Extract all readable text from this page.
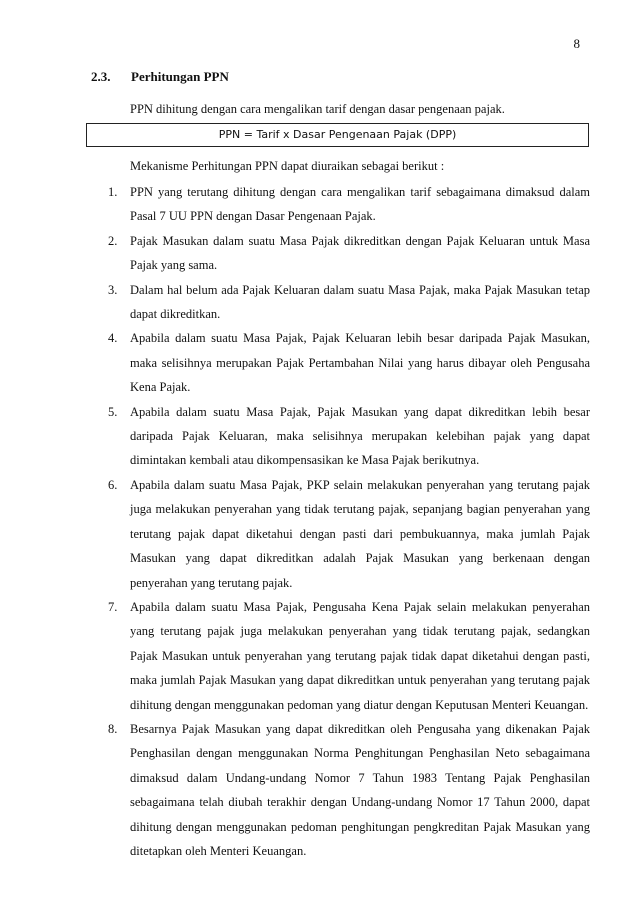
8
2.3. Perhitungan PPN
PPN dihitung dengan cara mengalikan tarif dengan dasar pengenaan pajak.
PPN = Tarif x Dasar Pengenaan Pajak (DPP)
Mekanisme Perhitungan PPN dapat diuraikan sebagai berikut :
1. PPN yang terutang dihitung dengan cara mengalikan tarif sebagaimana dimaksud dalam Pasal 7 UU PPN dengan Dasar Pengenaan Pajak.
2. Pajak Masukan dalam suatu Masa Pajak dikreditkan dengan Pajak Keluaran untuk Masa Pajak yang sama.
3. Dalam hal belum ada Pajak Keluaran dalam suatu Masa Pajak, maka Pajak Masukan tetap dapat dikreditkan.
4. Apabila dalam suatu Masa Pajak, Pajak Keluaran lebih besar daripada Pajak Masukan, maka selisihnya merupakan Pajak Pertambahan Nilai yang harus dibayar oleh Pengusaha Kena Pajak.
5. Apabila dalam suatu Masa Pajak, Pajak Masukan yang dapat dikreditkan lebih besar daripada Pajak Keluaran, maka selisihnya merupakan kelebihan pajak yang dapat dimintakan kembali atau dikompensasikan ke Masa Pajak berikutnya.
6. Apabila dalam suatu Masa Pajak, PKP selain melakukan penyerahan yang terutang pajak juga melakukan penyerahan yang tidak terutang pajak, sepanjang bagian penyerahan yang terutang pajak dapat diketahui dengan pasti dari pembukuannya, maka jumlah Pajak Masukan yang dapat dikreditkan adalah Pajak Masukan yang berkenaan dengan penyerahan yang terutang pajak.
7. Apabila dalam suatu Masa Pajak, Pengusaha Kena Pajak selain melakukan penyerahan yang terutang pajak juga melakukan penyerahan yang tidak terutang pajak, sedangkan Pajak Masukan untuk penyerahan yang terutang pajak tidak dapat diketahui dengan pasti, maka jumlah Pajak Masukan yang dapat dikreditkan untuk penyerahan yang terutang pajak dihitung dengan menggunakan pedoman yang diatur dengan Keputusan Menteri Keuangan.
8. Besarnya Pajak Masukan yang dapat dikreditkan oleh Pengusaha yang dikenakan Pajak Penghasilan dengan menggunakan Norma Penghitungan Penghasilan Neto sebagaimana dimaksud dalam Undang-undang Nomor 7 Tahun 1983 Tentang Pajak Penghasilan sebagaimana telah diubah terakhir dengan Undang-undang Nomor 17 Tahun 2000, dapat dihitung dengan menggunakan pedoman penghitungan pengkreditan Pajak Masukan yang ditetapkan oleh Menteri Keuangan.
